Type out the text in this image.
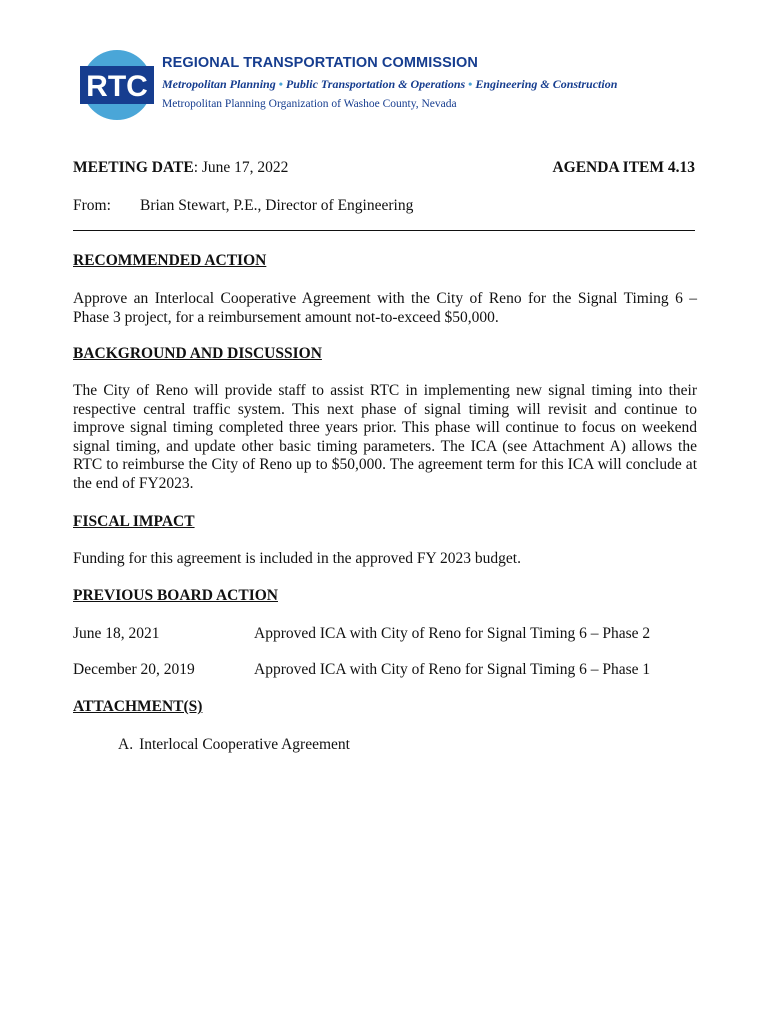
RTC
REGIONAL TRANSPORTATION COMMISSION
Metropolitan Planning • Public Transportation & Operations • Engineering & Construction
Metropolitan Planning Organization of Washoe County, Nevada
MEETING DATE: June 17, 2022	AGENDA ITEM 4.13
From: Brian Stewart, P.E., Director of Engineering
RECOMMENDED ACTION
Approve an Interlocal Cooperative Agreement with the City of Reno for the Signal Timing 6 – Phase 3 project, for a reimbursement amount not-to-exceed $50,000.
BACKGROUND AND DISCUSSION
The City of Reno will provide staff to assist RTC in implementing new signal timing into their respective central traffic system. This next phase of signal timing will revisit and continue to improve signal timing completed three years prior. This phase will continue to focus on weekend signal timing, and update other basic timing parameters. The ICA (see Attachment A) allows the RTC to reimburse the City of Reno up to $50,000. The agreement term for this ICA will conclude at the end of FY2023.
FISCAL IMPACT
Funding for this agreement is included in the approved FY 2023 budget.
PREVIOUS BOARD ACTION
June 18, 2021	Approved ICA with City of Reno for Signal Timing 6 – Phase 2
December 20, 2019	Approved ICA with City of Reno for Signal Timing 6 – Phase 1
ATTACHMENT(S)
A. Interlocal Cooperative Agreement
